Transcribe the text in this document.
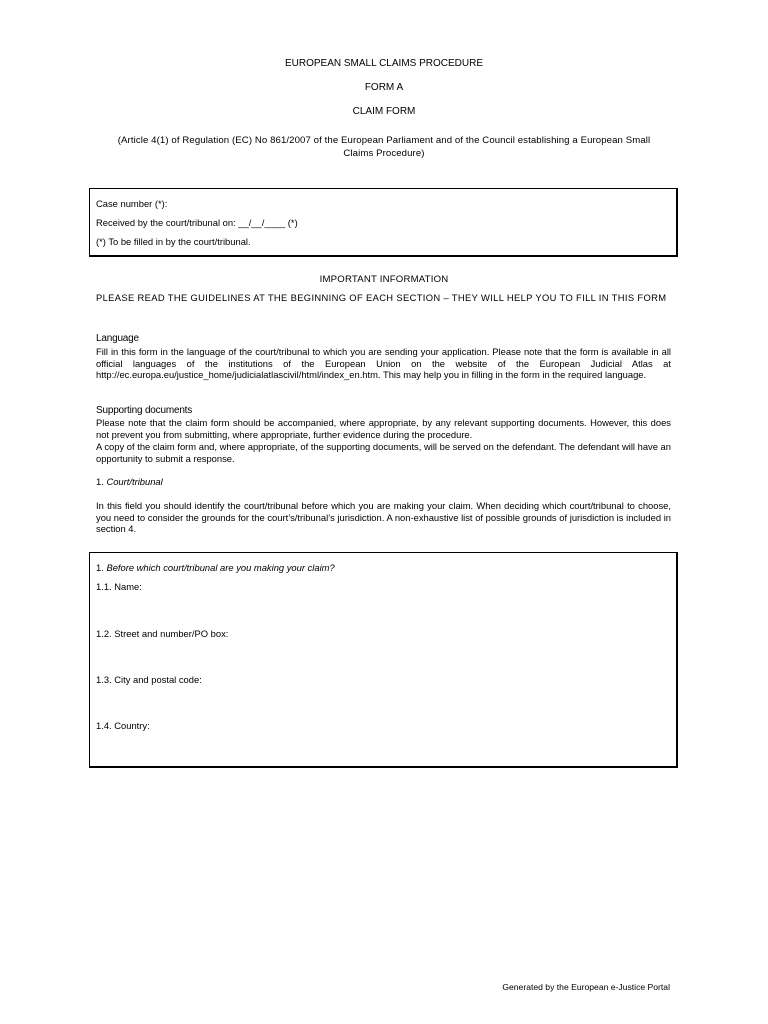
EUROPEAN SMALL CLAIMS PROCEDURE
FORM A
CLAIM FORM
(Article 4(1) of Regulation (EC) No 861/2007 of the European Parliament and of the Council establishing a European Small
Claims Procedure)
Case number (*):
Received by the court/tribunal on: __/__/____ (*)
(*) To be filled in by the court/tribunal.
IMPORTANT INFORMATION
PLEASE READ THE GUIDELINES AT THE BEGINNING OF EACH SECTION – THEY WILL HELP YOU TO FILL IN THIS FORM
Language
Fill in this form in the language of the court/tribunal to which you are sending your application. Please note that the form is available in all official languages of the institutions of the European Union on the website of the European Judicial Atlas at http://ec.europa.eu/justice_home/judicialatlascivil/html/index_en.htm. This may help you in filling in the form in the required language.
Supporting documents
Please note that the claim form should be accompanied, where appropriate, by any relevant supporting documents. However, this does not prevent you from submitting, where appropriate, further evidence during the procedure.
A copy of the claim form and, where appropriate, of the supporting documents, will be served on the defendant. The defendant will have an opportunity to submit a response.
1. Court/tribunal
In this field you should identify the court/tribunal before which you are making your claim. When deciding which court/tribunal to choose, you need to consider the grounds for the court’s/tribunal’s jurisdiction. A non-exhaustive list of possible grounds of jurisdiction is included in section 4.
1. Before which court/tribunal are you making your claim?
1.1. Name:
1.2. Street and number/PO box:
1.3. City and postal code:
1.4. Country:
Generated by the European e-Justice Portal
